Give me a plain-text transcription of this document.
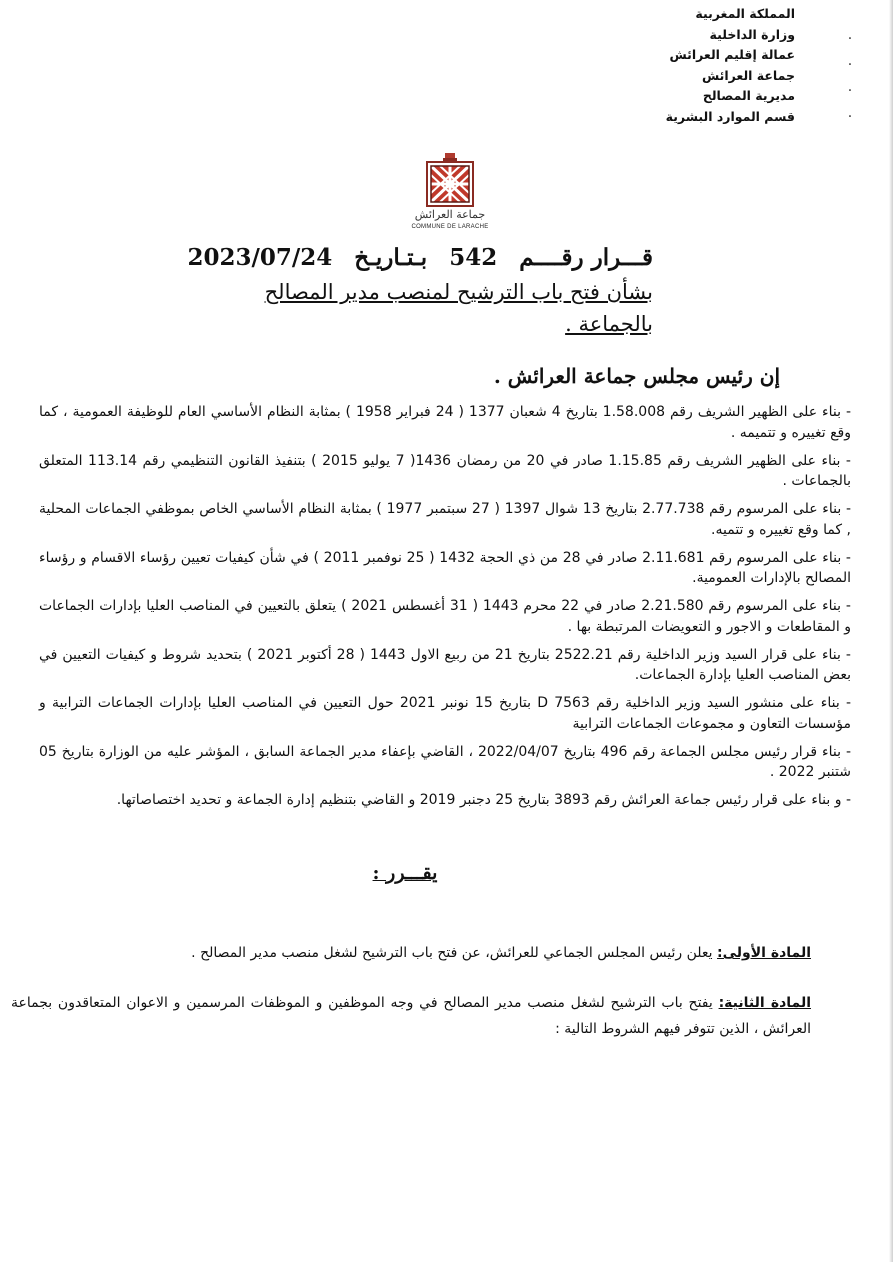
المملكة المغربية
وزارة الداخلية
عمالة إقليم العرائش
جماعة العرائش
مديرية المصالح
قسم الموارد البشرية
·
·
·
·
جماعة العرائش
COMMUNE DE LARACHE
قـــرار رقــــم542بـتـاريـخ2023/07/24
بشأن فتح باب الترشيح لمنصب مدير المصالح
بالجماعة .
إن رئيس مجلس جماعة العرائش .
- بناء على الظهير الشريف رقم 1.58.008 بتاريخ 4 شعبان 1377 ( 24 فبراير 1958 ) بمثابة النظام الأساسي العام للوظيفة العمومية ، كما وقع تغييره و تتميمه .
- بناء على الظهير الشريف رقم 1.15.85 صادر في 20 من رمضان 1436( 7 يوليو 2015 ) بتنفيذ القانون التنظيمي رقم 113.14 المتعلق بالجماعات .
- بناء على المرسوم رقم 2.77.738 بتاريخ 13 شوال 1397 ( 27 سبتمبر 1977 ) بمثابة النظام الأساسي الخاص بموظفي الجماعات المحلية , كما وقع تغييره و تتميه.
- بناء على المرسوم رقم 2.11.681 صادر في 28 من ذي الحجة 1432 ( 25 نوفمبر 2011 ) في شأن كيفيات تعيين رؤساء الاقسام و رؤساء المصالح بالإدارات العمومية.
- بناء على المرسوم رقم 2.21.580 صادر في 22 محرم 1443 ( 31 أغسطس 2021 ) يتعلق بالتعيين في المناصب العليا بإدارات الجماعات و المقاطعات و الاجور و التعويضات المرتبطة بها .
- بناء على قرار السيد وزير الداخلية رقم 2522.21 بتاريخ 21 من ربيع الاول 1443 ( 28 أكتوبر 2021 ) بتحديد شروط و كيفيات التعيين في بعض المناصب العليا بإدارة الجماعات.
- بناء على منشور السيد وزير الداخلية رقم D 7563 بتاريخ 15 نونبر 2021 حول التعيين في المناصب العليا بإدارات الجماعات الترابية و مؤسسات التعاون و مجموعات الجماعات الترابية
- بناء قرار رئيس مجلس الجماعة رقم 496 بتاريخ 2022/04/07 ، القاضي بإعفاء مدير الجماعة السابق ، المؤشر عليه من الوزارة بتاريخ 05 شتنبر 2022 .
- و بناء على قرار رئيس جماعة العرائش رقم 3893 بتاريخ 25 دجنبر 2019 و القاضي بتنظيم إدارة الجماعة و تحديد اختصاصاتها.
يقـــرر :
المادة الأولى: يعلن رئيس المجلس الجماعي للعرائش، عن فتح باب الترشيح لشغل منصب مدير المصالح .
المادة الثانية: يفتح باب الترشيح لشغل منصب مدير المصالح في وجه الموظفين و الموظفات المرسمين و الاعوان المتعاقدون بجماعة العرائش ، الذين تتوفر فيهم الشروط التالية :
